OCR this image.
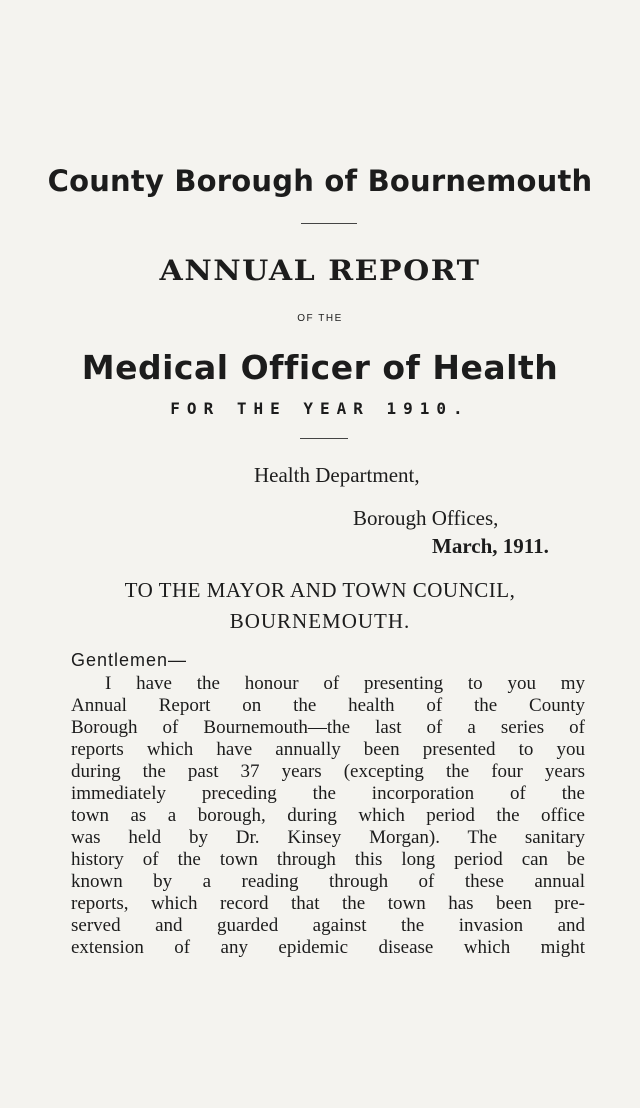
County Borough of Bournemouth
ANNUAL REPORT
OF THE
Medical Officer of Health
FOR THE YEAR 1910.
Health Department,
Borough Offices,
March, 1911.
TO THE MAYOR AND TOWN COUNCIL,
BOURNEMOUTH.
Gentlemen—
I have the honour of presenting to you my
Annual Report on the health of the County
Borough of Bournemouth—the last of a series of
reports which have annually been presented to you
during the past 37 years (excepting the four years
immediately preceding the incorporation of the
town as a borough, during which period the office
was held by Dr. Kinsey Morgan). The sanitary
history of the town through this long period can be
known by a reading through of these annual
reports, which record that the town has been pre-
served and guarded against the invasion and
extension of any epidemic disease which might
